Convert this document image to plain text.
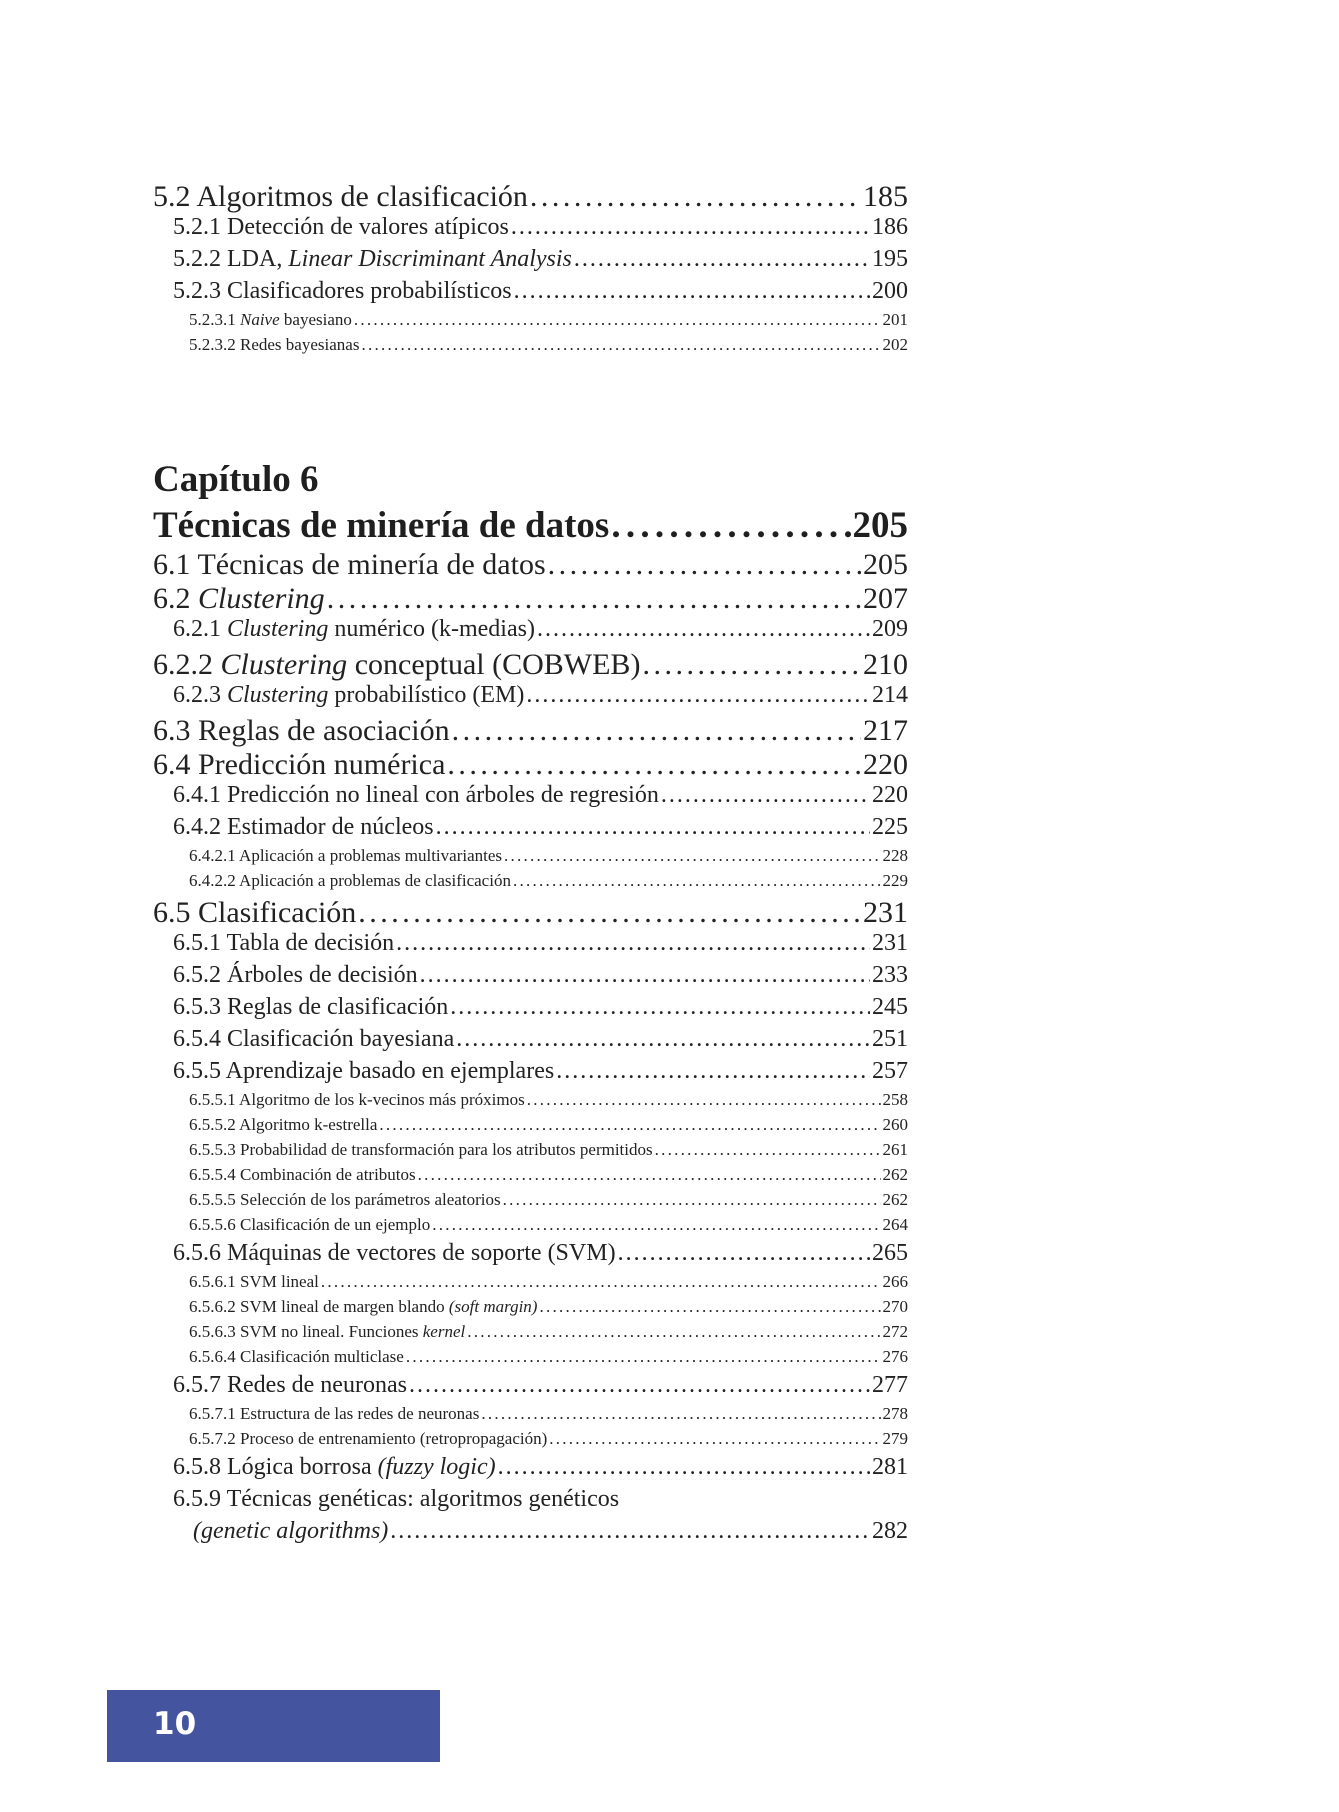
5.2 Algoritmos de clasificación . . .	185
5.2.1 Detección de valores atípicos . . .	186
5.2.2 LDA, Linear Discriminant Analysis . . .	195
5.2.3 Clasificadores probabilísticos . . .	200
5.2.3.1 Naive bayesiano . . .	201
5.2.3.2 Redes bayesianas . . .	202
Capítulo 6
Técnicas de minería de datos . . .	205
6.1 Técnicas de minería de datos . . .	205
6.2 Clustering . . .	207
6.2.1 Clustering numérico (k-medias) . . .	209
6.2.2 Clustering conceptual (COBWEB) . . .	210
6.2.3 Clustering probabilístico (EM) . . .	214
6.3 Reglas de asociación . . .	217
6.4 Predicción numérica . . .	220
6.4.1 Predicción no lineal con árboles de regresión . . .	220
6.4.2 Estimador de núcleos . . .	225
6.4.2.1 Aplicación a problemas multivariantes . . .	228
6.4.2.2 Aplicación a problemas de clasificación . . .	229
6.5 Clasificación . . .	231
6.5.1 Tabla de decisión . . .	231
6.5.2 Árboles de decisión . . .	233
6.5.3 Reglas de clasificación . . .	245
6.5.4 Clasificación bayesiana . . .	251
6.5.5 Aprendizaje basado en ejemplares . . .	257
6.5.5.1 Algoritmo de los k-vecinos más próximos . . .	258
6.5.5.2 Algoritmo k-estrella . . .	260
6.5.5.3 Probabilidad de transformación para los atributos permitidos . . .	261
6.5.5.4 Combinación de atributos . . .	262
6.5.5.5 Selección de los parámetros aleatorios . . .	262
6.5.5.6 Clasificación de un ejemplo . . .	264
6.5.6 Máquinas de vectores de soporte (SVM) . . .	265
6.5.6.1 SVM lineal . . .	266
6.5.6.2 SVM lineal de margen blando (soft margin) . . .	270
6.5.6.3 SVM no lineal. Funciones kernel . . .	272
6.5.6.4 Clasificación multiclase . . .	276
6.5.7 Redes de neuronas . . .	277
6.5.7.1 Estructura de las redes de neuronas . . .	278
6.5.7.2 Proceso de entrenamiento (retropropagación) . . .	279
6.5.8 Lógica borrosa (fuzzy logic) . . .	281
6.5.9 Técnicas genéticas: algoritmos genéticos
(genetic algorithms) . . .	282
10
